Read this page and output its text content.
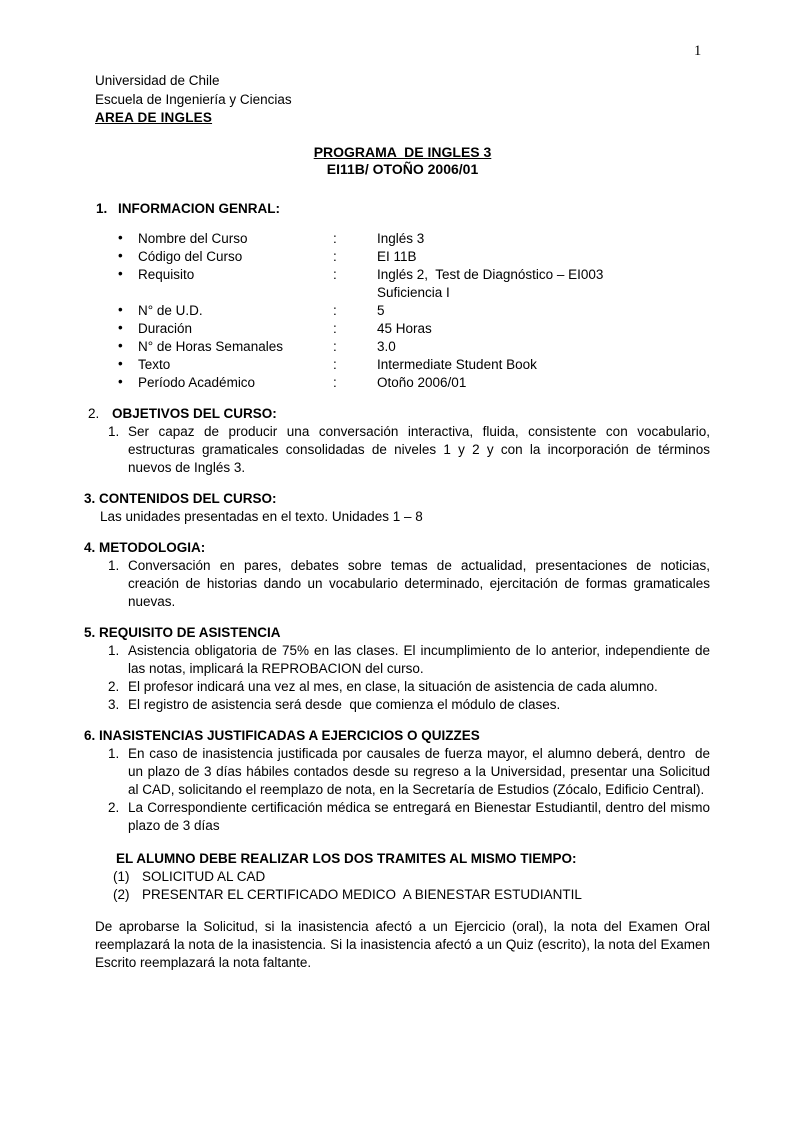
1
Universidad de Chile
Escuela de Ingeniería y Ciencias
AREA DE INGLES
PROGRAMA  DE INGLES 3
EI11B/ OTOÑO 2006/01
1. INFORMACION GENRAL:
• Nombre del Curso	:	Inglés 3
• Código del Curso	:	EI 11B
• Requisito	:	Inglés 2,  Test de Diagnóstico – EI003
Suficiencia I
• N° de U.D.	:	5
• Duración	:	45 Horas
• N° de Horas Semanales	:	3.0
• Texto	:	Intermediate Student Book
• Período Académico	:	Otoño 2006/01
2. OBJETIVOS DEL CURSO:
1. Ser capaz de producir una conversación interactiva, fluida, consistente con vocabulario, estructuras gramaticales consolidadas de niveles 1 y 2 y con la incorporación de términos nuevos de Inglés 3.
3. CONTENIDOS DEL CURSO:
Las unidades presentadas en el texto. Unidades 1 – 8
4. METODOLOGIA:
1. Conversación en pares, debates sobre temas de actualidad, presentaciones de noticias, creación de historias dando un vocabulario determinado, ejercitación de formas gramaticales nuevas.
5. REQUISITO DE ASISTENCIA
1. Asistencia obligatoria de 75% en las clases. El incumplimiento de lo anterior, independiente de las notas, implicará la REPROBACION del curso.
2. El profesor indicará una vez al mes, en clase, la situación de asistencia de cada alumno.
3. El registro de asistencia será desde  que comienza el módulo de clases.
6. INASISTENCIAS JUSTIFICADAS A EJERCICIOS O QUIZZES
1. En caso de inasistencia justificada por causales de fuerza mayor, el alumno deberá, dentro  de un plazo de 3 días hábiles contados desde su regreso a la Universidad, presentar una Solicitud al CAD, solicitando el reemplazo de nota, en la Secretaría de Estudios (Zócalo, Edificio Central).
2. La Correspondiente certificación médica se entregará en Bienestar Estudiantil, dentro del mismo plazo de 3 días
EL ALUMNO DEBE REALIZAR LOS DOS TRAMITES AL MISMO TIEMPO:
(1) SOLICITUD AL CAD
(2) PRESENTAR EL CERTIFICADO MEDICO  A BIENESTAR ESTUDIANTIL
De aprobarse la Solicitud, si la inasistencia afectó a un Ejercicio (oral), la nota del Examen Oral  reemplazará la nota de la inasistencia. Si la inasistencia afectó a un Quiz (escrito), la nota del Examen Escrito reemplazará la nota faltante.
